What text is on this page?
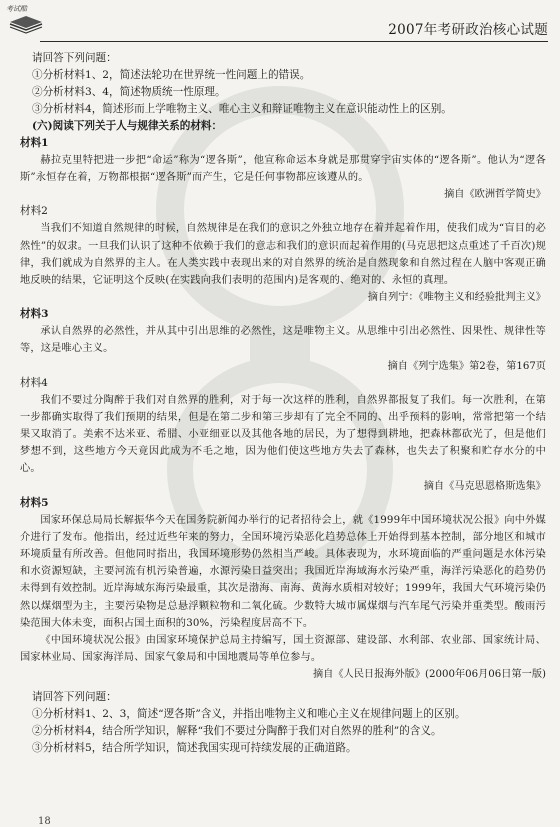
考试酷
2007年考研政治核心试题

请回答下列问题：

①分析材料1、2，简述法轮功在世界统一性问题上的错误。

②分析材料3、4，简述物质统一性原理。

③分析材料4，简述形而上学唯物主义、唯心主义和辩证唯物主义在意识能动性上的区别。

(六)阅读下列关于人与规律关系的材料：

材料1

赫拉克里特把进一步把“命运”称为“逻各斯”，他宣称命运本身就是那贯穿宇宙实体的“逻各斯”。他认为“逻各斯”永恒存在着，万物都根据“逻各斯”而产生，它是任何事物都应该遵从的。

摘自《欧洲哲学简史》

材料2

当我们不知道自然规律的时候，自然规律是在我们的意识之外独立地存在着并起着作用，使我们成为“盲目的必然性”的奴隶。一旦我们认识了这种不依赖于我们的意志和我们的意识而起着作用的(马克思把这点重述了千百次)规律，我们就成为自然界的主人。在人类实践中表现出来的对自然界的统治是自然现象和自然过程在人脑中客观正确地反映的结果，它证明这个反映(在实践向我们表明的范围内)是客观的、绝对的、永恒的真理。

摘自列宁：《唯物主义和经验批判主义》

材料3

承认自然界的必然性，并从其中引出思维的必然性，这是唯物主义。从思维中引出必然性、因果性、规律性等等，这是唯心主义。

摘自《列宁选集》第2卷，第167页

材料4

我们不要过分陶醉于我们对自然界的胜利，对于每一次这样的胜利，自然界都报复了我们。每一次胜利，在第一步都确实取得了我们预期的结果，但是在第二步和第三步却有了完全不同的、出乎预料的影响，常常把第一个结果又取消了。美索不达米亚、希腊、小亚细亚以及其他各地的居民，为了想得到耕地，把森林都砍光了，但是他们梦想不到，这些地方今天竟因此成为不毛之地，因为他们使这些地方失去了森林，也失去了积聚和贮存水分的中心。

摘自《马克思恩格斯选集》

材料5

国家环保总局局长解振华今天在国务院新闻办举行的记者招待会上，就《1999年中国环境状况公报》向中外媒介进行了发布。他指出，经过近些年来的努力，全国环境污染恶化趋势总体上开始得到基本控制，部分地区和城市环境质量有所改善。但他同时指出，我国环境形势仍然相当严峻。具体表现为，水环境面临的严重问题是水体污染和水资源短缺，主要河流有机污染普遍，水源污染日益突出；我国近岸海域海水污染严重，海洋污染恶化的趋势仍未得到有效控制。近岸海域东海污染最重，其次是渤海、南海、黄海水质相对较好；1999年，我国大气环境污染仍然以煤烟型为主，主要污染物是总悬浮颗粒物和二氧化硫。少数特大城市属煤烟与汽车尾气污染并重类型。酸雨污染范围大体未变，面积占国土面积的30%，污染程度居高不下。

《中国环境状况公报》由国家环境保护总局主持编写，国土资源部、建设部、水利部、农业部、国家统计局、国家林业局、国家海洋局、国家气象局和中国地震局等单位参与。

摘自《人民日报海外版》(2000年06月06日第一版)

请回答下列问题：

①分析材料1、2、3，简述“逻各斯”含义，并指出唯物主义和唯心主义在规律问题上的区别。

②分析材料4，结合所学知识，解释“我们不要过分陶醉于我们对自然界的胜利”的含义。

③分析材料5，结合所学知识，简述我国实现可持续发展的正确道路。

18
